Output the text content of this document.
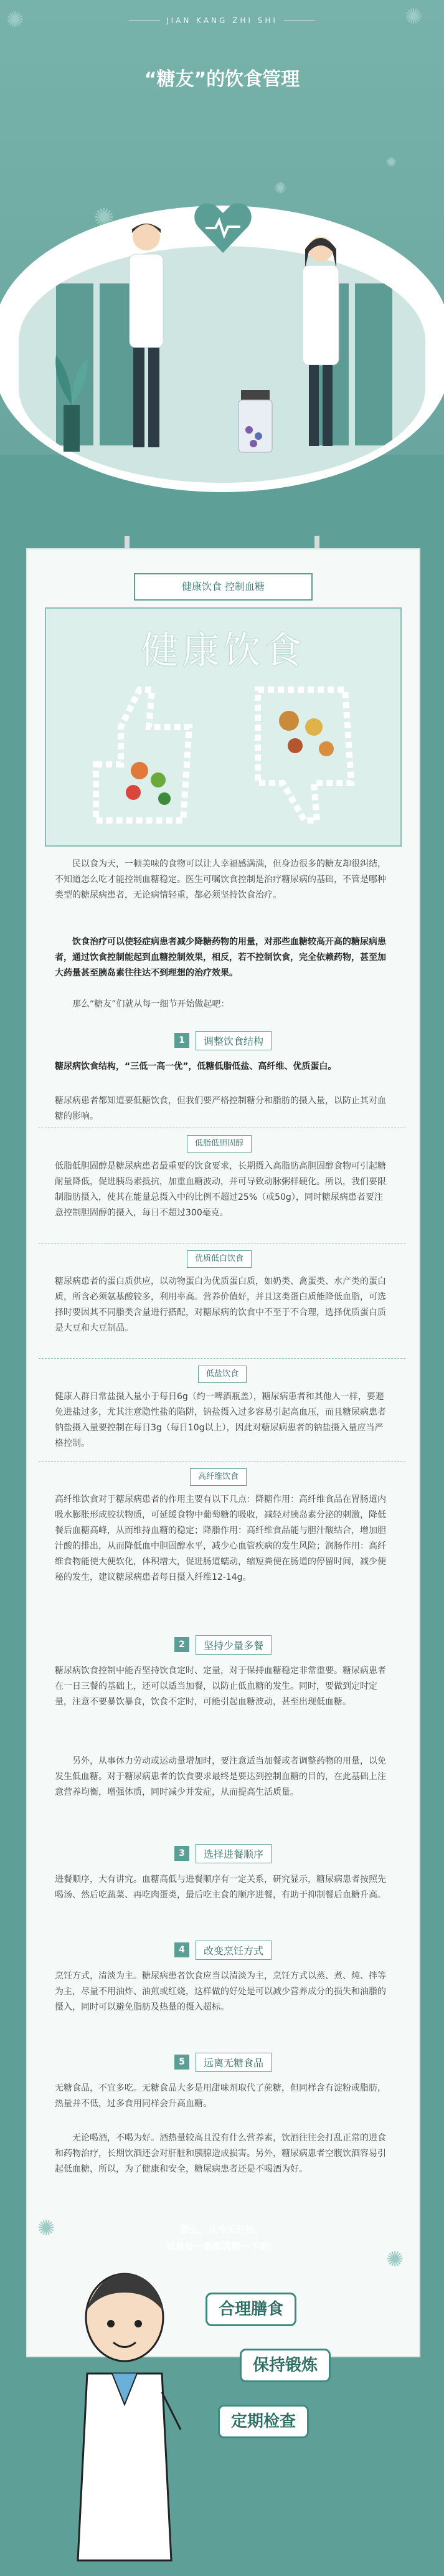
✺	✺
✺
✺
✺
JIAN KANG ZHI SHI
“糖友”的饮食管理
健康饮食 控制血糖
健康饮食
民以食为天，一顿美味的食物可以让人幸福感满满，但身边很多的糖友却很纠结，不知道怎么吃才能控制血糖稳定。医生可嘱饮食控制是治疗糖尿病的基础，不管是哪种类型的糖尿病患者，无论病情轻重，都必须坚持饮食治疗。
饮食治疗可以使轻症病患者减少降糖药物的用量，对那些血糖较高开高的糖尿病患者，通过饮食控制能起到血糖控制效果，相反，若不控制饮食，完全依赖药物，甚至加大药量甚至胰岛素往往达不到理想的治疗效果。
那么“糖友”们就从每一细节开始做起吧：
1	调整饮食结构
糖尿病饮食结构，“三低一高一优”，低糖低脂低盐、高纤维、优质蛋白。
糖尿病患者都知道要低糖饮食，但我们要严格控制糖分和脂肪的摄入量，以防止其对血糖的影响。
低脂低胆固醇
低脂低胆固醇是糖尿病患者最重要的饮食要求，长期摄入高脂肪高胆固醇食物可引起糖耐量降低，促进胰岛素抵抗，加重血糖波动，并可导致动脉粥样硬化。所以，我们要限制脂肪摄入，使其在能量总摄入中的比例不超过25%（或50g），同时糖尿病患者要注意控制胆固醇的摄入，每日不超过300毫克。
优质低白饮食
糖尿病患者的蛋白质供应，以动物蛋白为优质蛋白质，如奶类、禽蛋类、水产类的蛋白质，所含必须氨基酸较多，利用率高。营养价值好，并且这类蛋白质能降低血脂，可选择时要因其不同脂类含量进行搭配，对糖尿病的饮食中不至于不合理，选择优质蛋白质是大豆和大豆制品。
低盐饮食
健康人群日常盐摄入量小于每日6g（约一啤酒瓶盖），糖尿病患者和其他人一样，要避免进盐过多，尤其注意隐性盐的陷阱，钠盐摄入过多容易引起高血压，而且糖尿病患者钠盐摄入量要控制在每日3g（每日10g以上），因此对糖尿病患者的钠盐摄入量应当严格控制。
高纤维饮食
高纤维饮食对于糖尿病患者的作用主要有以下几点：降糖作用：高纤维食品在胃肠道内吸水膨胀形成胶状物质，可延缓食物中葡萄糖的吸收，减轻对胰岛素分泌的刺激，降低餐后血糖高峰，从而维持血糖的稳定；降脂作用：高纤维食品能与胆汁酸结合，增加胆汁酸的排出，从而降低血中胆固醇水平，减少心血管疾病的发生风险；润肠作用：高纤维食物能使大便软化，体积增大，促进肠道蠕动，缩短粪便在肠道的停留时间，减少便秘的发生，建议糖尿病患者每日摄入纤维12-14g。
2	坚持少量多餐
糖尿病饮食控制中能否坚持饮食定时、定量，对于保持血糖稳定非常重要。糖尿病患者在一日三餐的基础上，还可以适当加餐，以防止低血糖的发生。同时，要做到定时定量，注意不要暴饮暴食，饮食不定时，可能引起血糖波动，甚至出现低血糖。
另外，从事体力劳动或运动量增加时，要注意适当加餐或者调整药物的用量，以免发生低血糖。对于糖尿病患者的饮食要求最终是要达到控制血糖的目的，在此基础上注意营养均衡，增强体质，同时减少并发症，从而提高生活质量。
3	选择进餐顺序
进餐顺序，大有讲究。血糖高低与进餐顺序有一定关系，研究显示，糖尿病患者按照先喝汤、然后吃蔬菜、再吃肉蛋类，最后吃主食的顺序进餐，有助于抑制餐后血糖升高。
4	改变烹饪方式
烹饪方式，清淡为主。糖尿病患者饮食应当以清淡为主，烹饪方式以蒸、煮、炖、拌等为主，尽量不用油炸、油煎或红烧，这样做的好处是可以减少营养成分的损失和油脂的摄入，同时可以避免脂肪及热量的摄入超标。
5	远离无糖食品
无糖食品，不宜多吃。无糖食品大多是用甜味剂取代了蔗糖，但同样含有淀粉或脂肪，热量并不低，过多食用同样会升高血糖。
无论喝酒，不喝为好。酒热量较高且没有什么营养素，饮酒往往会打乱正常的进食和药物治疗，长期饮酒还会对肝脏和胰腺造成损害。另外，糖尿病患者空腹饮酒容易引起低血糖，所以，为了健康和安全，糖尿病患者还是不喝酒为好。
✺
✺
那么，从今天开始，
试着每一餐都调整一下吧！
合理膳食
保持锻炼
定期检查
